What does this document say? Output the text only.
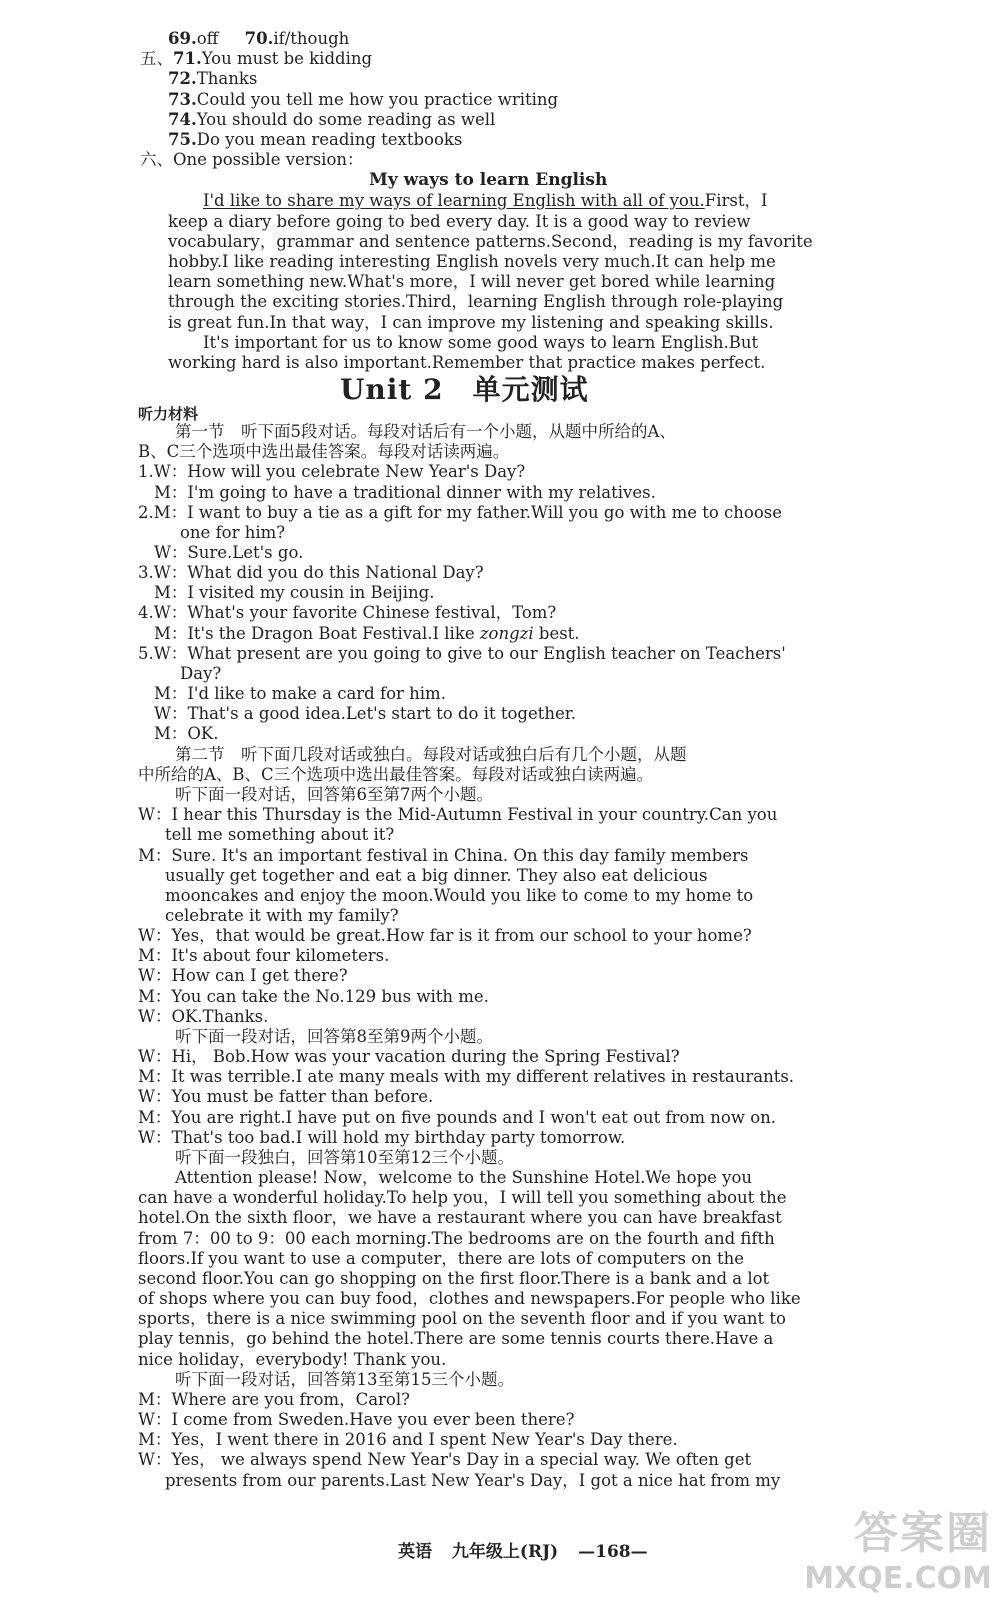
69.off 70.if/though
五、71.You must be kidding
72.Thanks
73.Could you tell me how you practice writing
74.You should do some reading as well
75.Do you mean reading textbooks
六、One possible version：
My ways to learn English
I'd like to share my ways of learning English with all of you.First，I
keep a diary before going to bed every day. It is a good way to review
vocabulary，grammar and sentence patterns.Second，reading is my favorite
hobby.I like reading interesting English novels very much.It can help me
learn something new.What's more，I will never get bored while learning
through the exciting stories.Third，learning English through role-playing
is great fun.In that way，I can improve my listening and speaking skills.
It's important for us to know some good ways to learn English.But
working hard is also important.Remember that practice makes perfect.
Unit 2　单元测试
听力材料
第一节　听下面5段对话。每段对话后有一个小题，从题中所给的A、
B、C三个选项中选出最佳答案。每段对话读两遍。
1.W：How will you celebrate New Year's Day?
M：I'm going to have a traditional dinner with my relatives.
2.M：I want to buy a tie as a gift for my father.Will you go with me to choose
one for him?
W：Sure.Let's go.
3.W：What did you do this National Day?
M：I visited my cousin in Beijing.
4.W：What's your favorite Chinese festival，Tom?
M：It's the Dragon Boat Festival.I like zongzi best.
5.W：What present are you going to give to our English teacher on Teachers'
Day?
M：I'd like to make a card for him.
W：That's a good idea.Let's start to do it together.
M：OK.
第二节　听下面几段对话或独白。每段对话或独白后有几个小题，从题
中所给的A、B、C三个选项中选出最佳答案。每段对话或独白读两遍。
听下面一段对话，回答第6至第7两个小题。
W：I hear this Thursday is the Mid-Autumn Festival in your country.Can you
tell me something about it?
M：Sure. It's an important festival in China. On this day family members
usually get together and eat a big dinner. They also eat delicious
mooncakes and enjoy the moon.Would you like to come to my home to
celebrate it with my family?
W：Yes，that would be great.How far is it from our school to your home?
M：It's about four kilometers.
W：How can I get there?
M：You can take the No.129 bus with me.
W：OK.Thanks.
听下面一段对话，回答第8至第9两个小题。
W：Hi， Bob.How was your vacation during the Spring Festival?
M：It was terrible.I ate many meals with my different relatives in restaurants.
W：You must be fatter than before.
M：You are right.I have put on five pounds and I won't eat out from now on.
W：That's too bad.I will hold my birthday party tomorrow.
听下面一段独白，回答第10至第12三个小题。
Attention please! Now，welcome to the Sunshine Hotel.We hope you
can have a wonderful holiday.To help you，I will tell you something about the
hotel.On the sixth floor，we have a restaurant where you can have breakfast
from 7：00 to 9：00 each morning.The bedrooms are on the fourth and fifth
floors.If you want to use a computer，there are lots of computers on the
second floor.You can go shopping on the first floor.There is a bank and a lot
of shops where you can buy food，clothes and newspapers.For people who like
sports，there is a nice swimming pool on the seventh floor and if you want to
play tennis，go behind the hotel.There are some tennis courts there.Have a
nice holiday，everybody! Thank you.
听下面一段对话，回答第13至第15三个小题。
M：Where are you from，Carol?
W：I come from Sweden.Have you ever been there?
M：Yes，I went there in 2016 and I spent New Year's Day there.
W：Yes， we always spend New Year's Day in a special way. We often get
presents from our parents.Last New Year's Day，I got a nice hat from my
英语 九年级上(RJ) —168—	答案圈
MXQE.COM
